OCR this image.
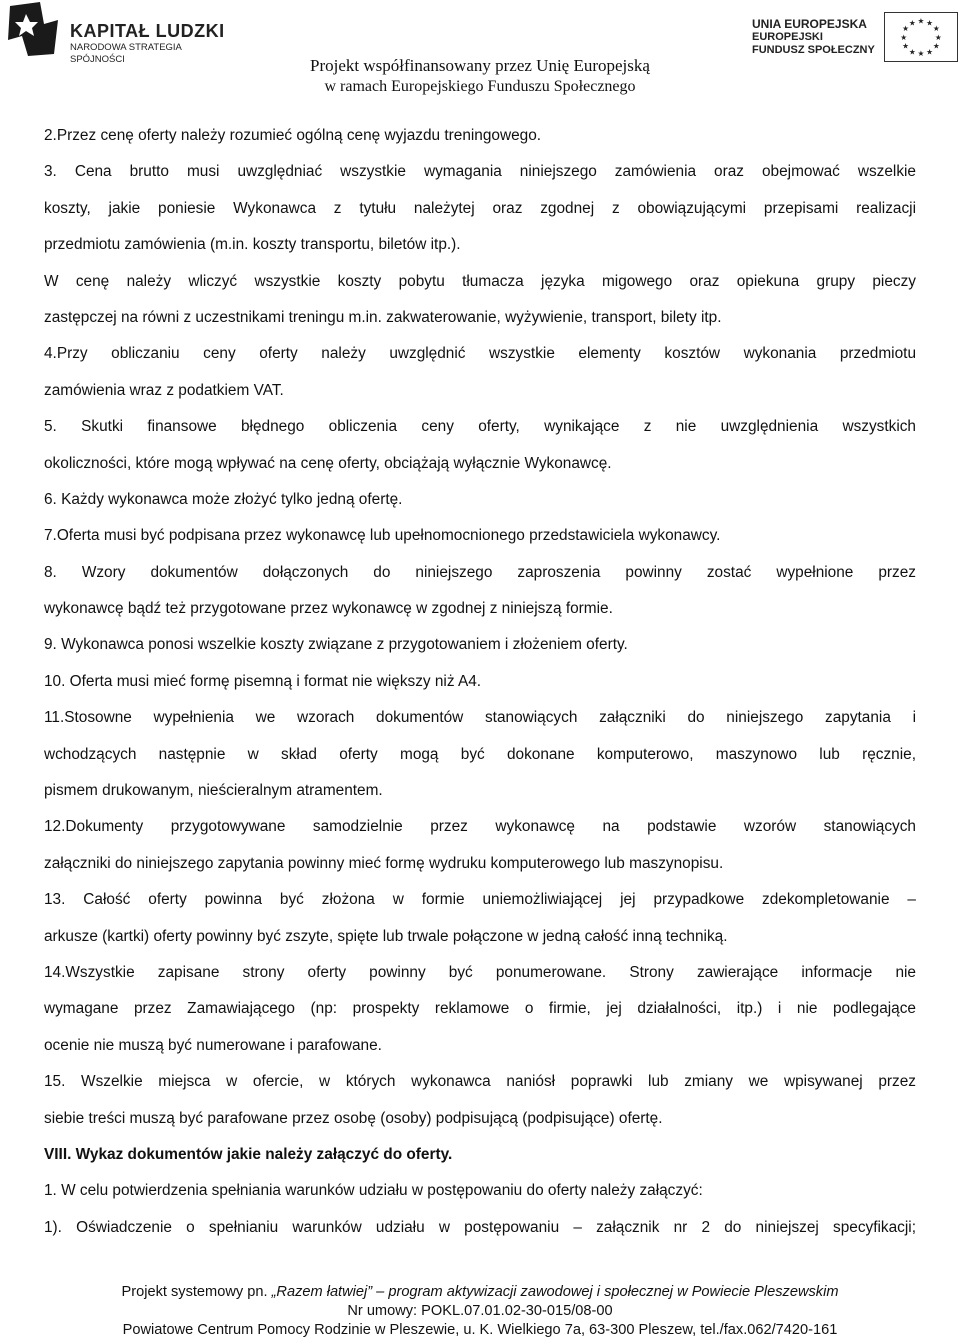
KAPITAŁ LUDZKI
NARODOWA STRATEGIA SPÓJNOŚCI
UNIA EUROPEJSKA
EUROPEJSKI
FUNDUSZ SPOŁECZNY
★ ★
★
★
★
★
★
★
★
★
★
★
Projekt współfinansowany przez Unię Europejską
w ramach Europejskiego Funduszu Społecznego
2.Przez cenę oferty należy rozumieć ogólną cenę wyjazdu treningowego.
3. Cena brutto musi uwzględniać wszystkie wymagania niniejszego zamówienia oraz obejmować wszelkie
koszty, jakie poniesie Wykonawca z tytułu należytej oraz zgodnej z obowiązującymi przepisami realizacji
przedmiotu zamówienia (m.in. koszty transportu, biletów itp.).
W cenę należy wliczyć wszystkie koszty pobytu tłumacza języka migowego oraz opiekuna grupy pieczy
zastępczej na równi z uczestnikami treningu m.in. zakwaterowanie, wyżywienie, transport, bilety itp.
4.Przy obliczaniu ceny oferty należy uwzględnić wszystkie elementy kosztów wykonania przedmiotu
zamówienia wraz z podatkiem VAT.
5. Skutki finansowe błędnego obliczenia ceny oferty, wynikające z nie uwzględnienia wszystkich
okoliczności, które mogą wpływać na cenę oferty, obciążają wyłącznie Wykonawcę.
6. Każdy wykonawca może złożyć tylko jedną ofertę.
7.Oferta musi być podpisana przez wykonawcę lub upełnomocnionego przedstawiciela wykonawcy.
8. Wzory dokumentów dołączonych do niniejszego zaproszenia powinny zostać wypełnione przez
wykonawcę bądź też przygotowane przez wykonawcę w zgodnej z niniejszą formie.
9. Wykonawca ponosi wszelkie koszty związane z przygotowaniem i złożeniem oferty.
10. Oferta musi mieć formę pisemną i format nie większy niż A4.
11.Stosowne wypełnienia we wzorach dokumentów stanowiących załączniki do niniejszego zapytania i
wchodzących następnie w skład oferty mogą być dokonane komputerowo, maszynowo lub ręcznie,
pismem drukowanym, nieścieralnym atramentem.
12.Dokumenty przygotowywane samodzielnie przez wykonawcę na podstawie wzorów stanowiących
załączniki do niniejszego zapytania powinny mieć formę wydruku komputerowego lub maszynopisu.
13. Całość oferty powinna być złożona w formie uniemożliwiającej jej przypadkowe zdekompletowanie –
arkusze (kartki) oferty powinny być zszyte, spięte lub trwale połączone w jedną całość inną techniką.
14.Wszystkie zapisane strony oferty powinny być ponumerowane. Strony zawierające informacje nie
wymagane przez Zamawiającego (np: prospekty reklamowe o firmie, jej działalności, itp.) i nie podlegające
ocenie nie muszą być numerowane i parafowane.
15. Wszelkie miejsca w ofercie, w których wykonawca naniósł poprawki lub zmiany we wpisywanej przez
siebie treści muszą być parafowane przez osobę (osoby) podpisującą (podpisujące) ofertę.
VIII. Wykaz dokumentów jakie należy załączyć do oferty.
1. W celu potwierdzenia spełniania warunków udziału w postępowaniu do oferty należy załączyć:
1). Oświadczenie o spełnianiu warunków udziału w postępowaniu – załącznik nr 2 do niniejszej specyfikacji;
Projekt systemowy pn. „Razem łatwiej” – program aktywizacji zawodowej i społecznej w Powiecie Pleszewskim
Nr umowy: POKL.07.01.02-30-015/08-00
Powiatowe Centrum Pomocy Rodzinie w Pleszewie, u. K. Wielkiego 7a, 63-300 Pleszew, tel./fax.062/7420-161
